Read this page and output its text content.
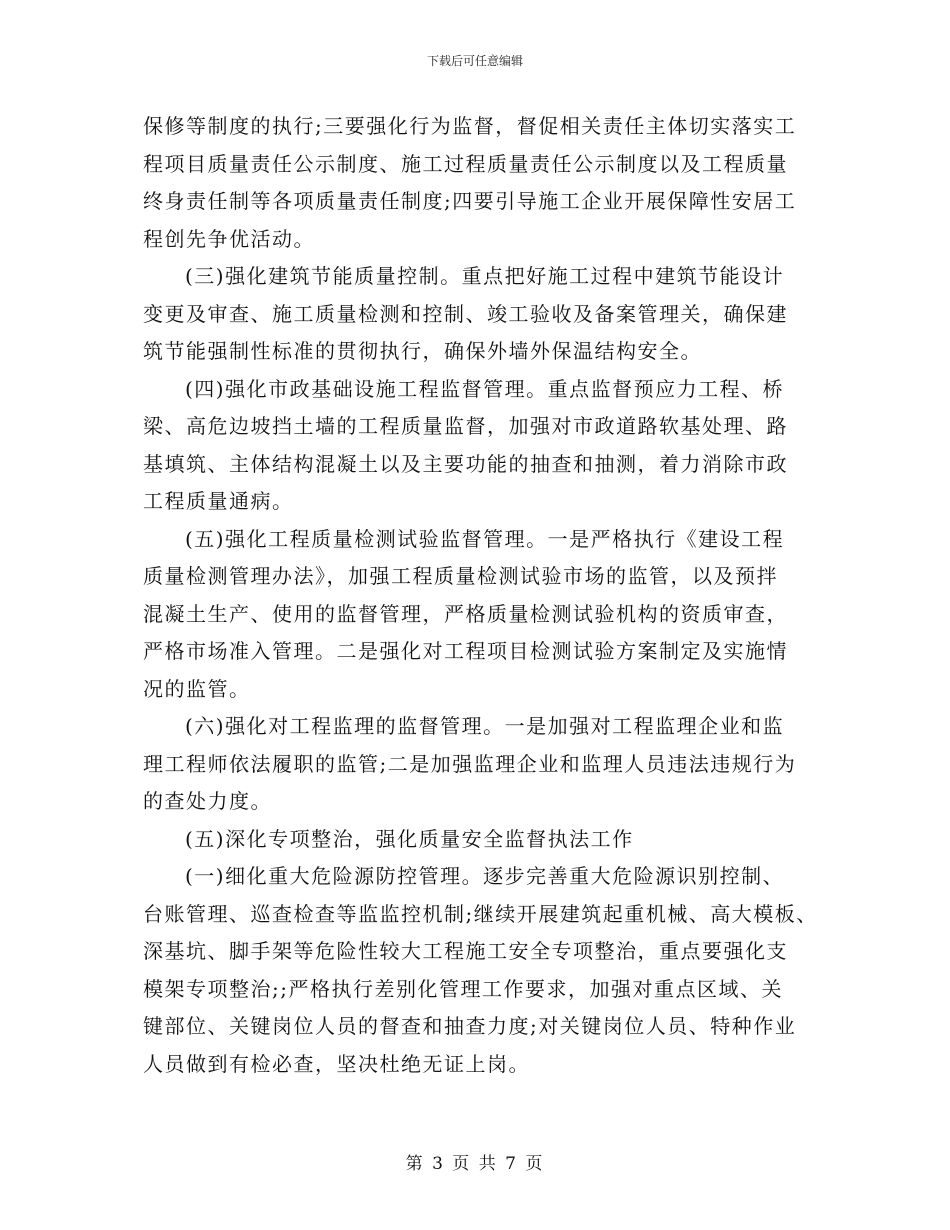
下载后可任意编辑
保修等制度的执行;三要强化行为监督，督促相关责任主体切实落实工
程项目质量责任公示制度、施工过程质量责任公示制度以及工程质量
终身责任制等各项质量责任制度;四要引导施工企业开展保障性安居工
程创先争优活动。
(三)强化建筑节能质量控制。重点把好施工过程中建筑节能设计
变更及审查、施工质量检测和控制、竣工验收及备案管理关，确保建
筑节能强制性标准的贯彻执行，确保外墙外保温结构安全。
(四)强化市政基础设施工程监督管理。重点监督预应力工程、桥
梁、高危边坡挡土墙的工程质量监督，加强对市政道路软基处理、路
基填筑、主体结构混凝土以及主要功能的抽查和抽测，着力消除市政
工程质量通病。
(五)强化工程质量检测试验监督管理。一是严格执行《建设工程
质量检测管理办法》，加强工程质量检测试验市场的监管，以及预拌
混凝土生产、使用的监督管理，严格质量检测试验机构的资质审查，
严格市场准入管理。二是强化对工程项目检测试验方案制定及实施情
况的监管。
(六)强化对工程监理的监督管理。一是加强对工程监理企业和监
理工程师依法履职的监管;二是加强监理企业和监理人员违法违规行为
的查处力度。
(五)深化专项整治，强化质量安全监督执法工作
(一)细化重大危险源防控管理。逐步完善重大危险源识别控制、
台账管理、巡查检查等监监控机制;继续开展建筑起重机械、高大模板、
深基坑、脚手架等危险性较大工程施工安全专项整治，重点要强化支
模架专项整治;;严格执行差别化管理工作要求，加强对重点区域、关
键部位、关键岗位人员的督查和抽查力度;对关键岗位人员、特种作业
人员做到有检必查，坚决杜绝无证上岗。
第 3 页 共 7 页
